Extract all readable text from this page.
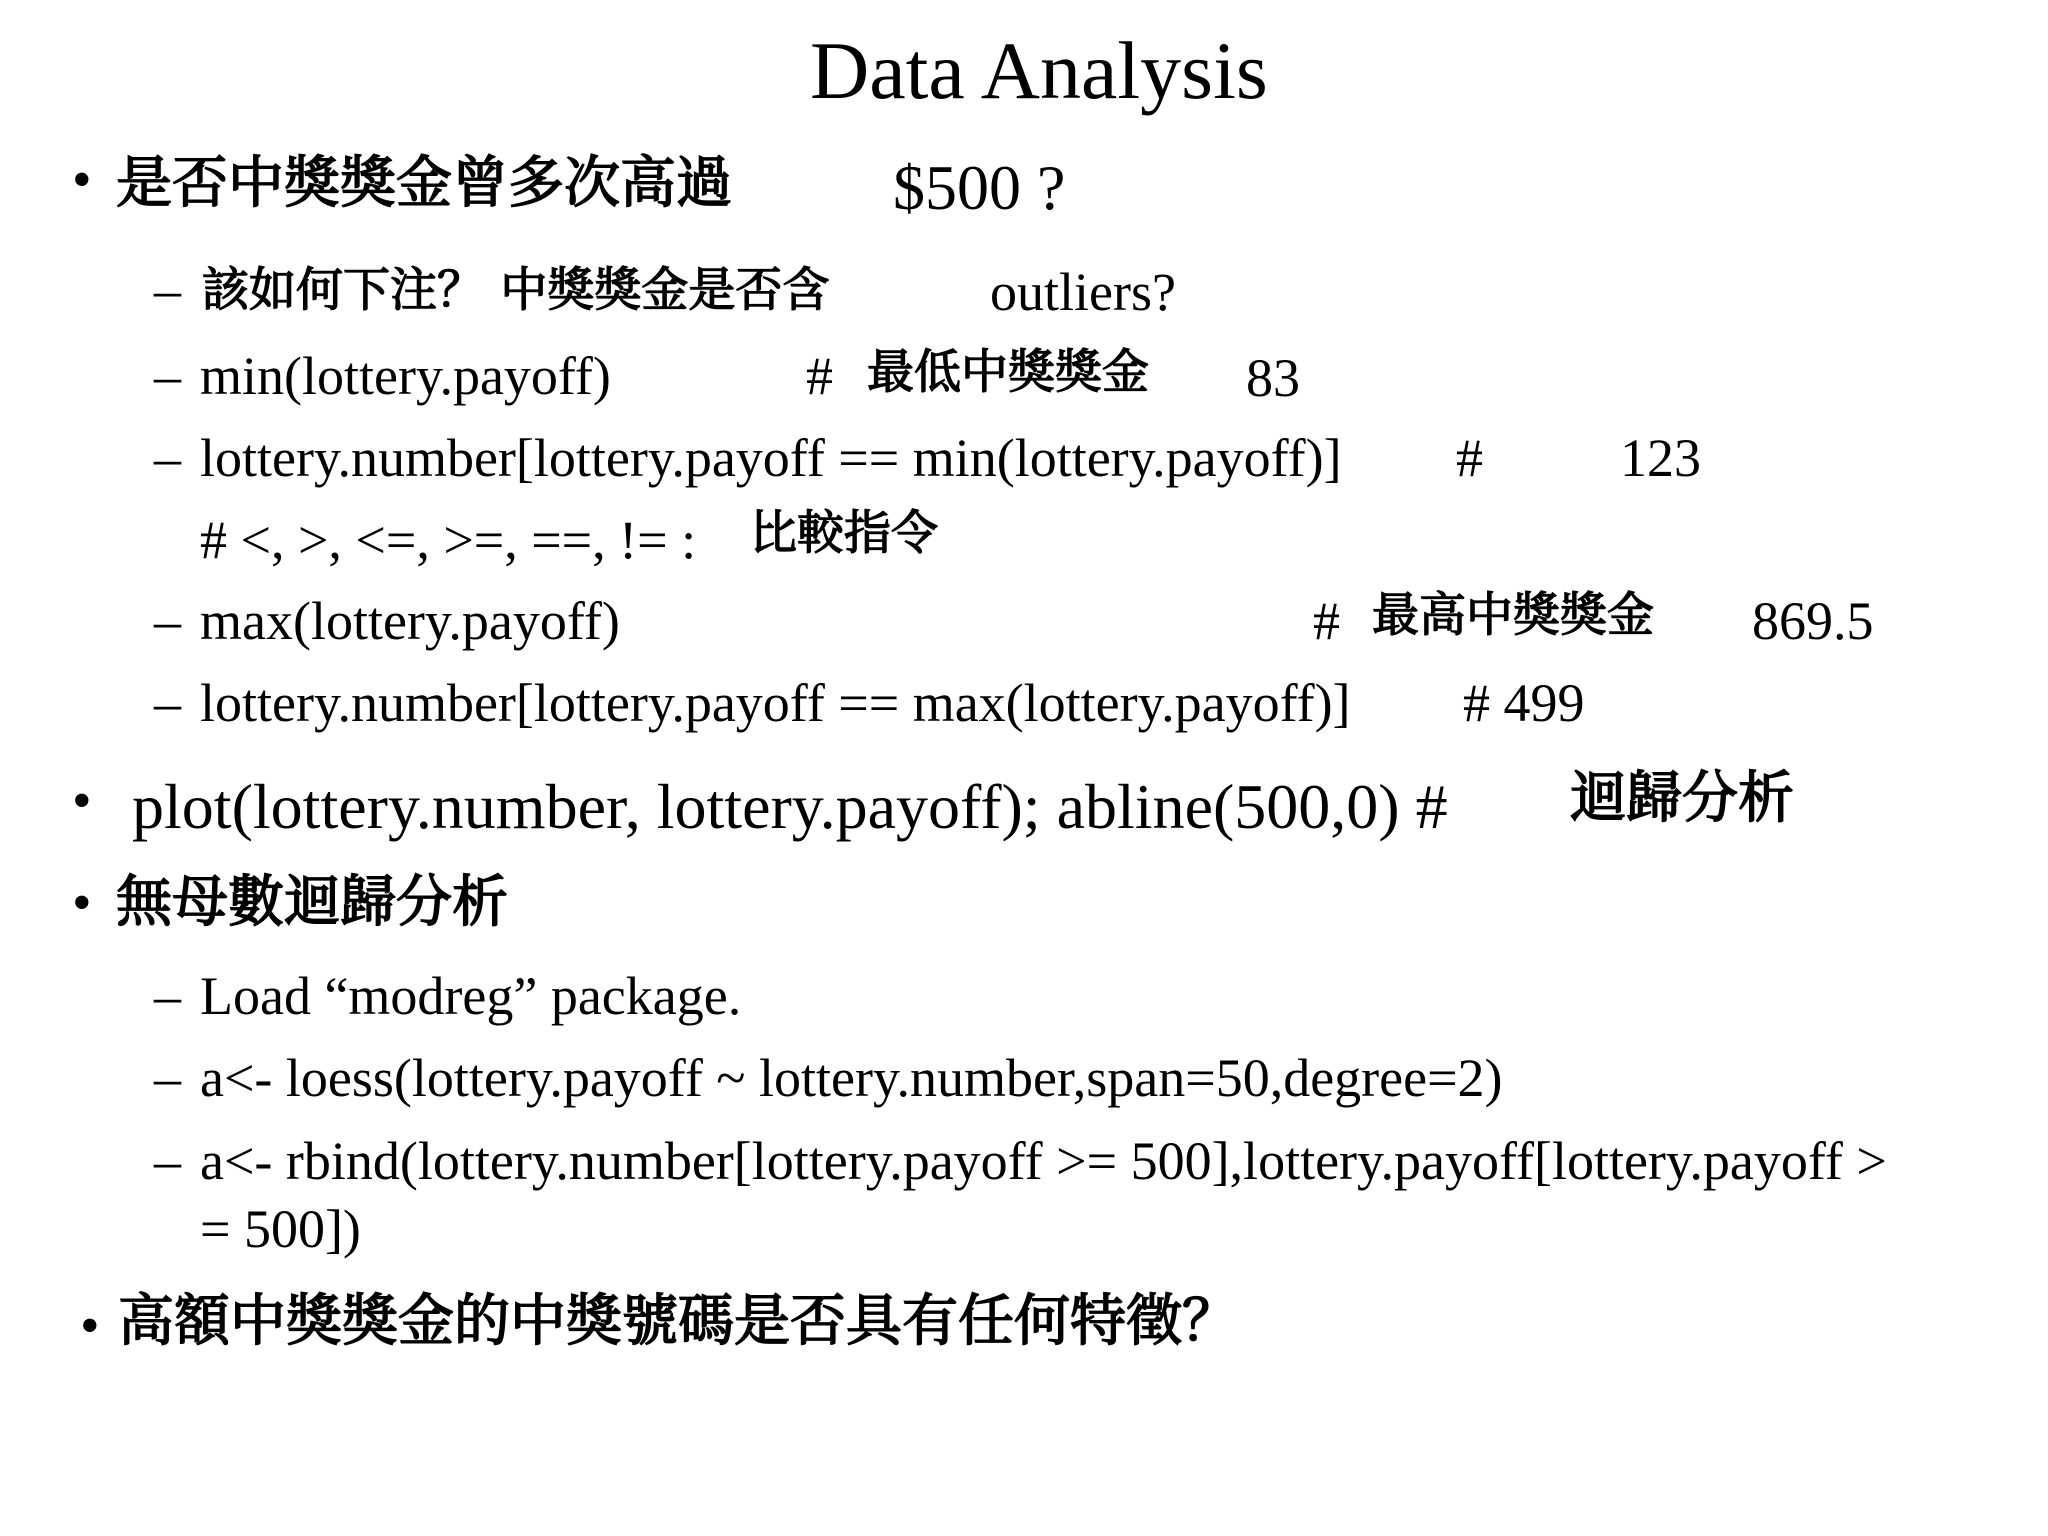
Data Analysis
• 是否中獎獎金曾多次高過	$500 ?
– 該如何下注？ 中獎獎金是否含	outliers?
– min(lottery.payoff)	# 最低中獎獎金 83
– lottery.number[lottery.payoff == min(lottery.payoff)] #	123
# <, >, <=, >=, ==, != : 比較指令
– max(lottery.payoff)	# 最高中獎獎金 869.5
– lottery.number[lottery.payoff == max(lottery.payoff)] # 499
• plot(lottery.number, lottery.payoff); abline(500,0) # 迴歸分析
• 無母數迴歸分析
– Load “modreg” package.
– a<- loess(lottery.payoff ~ lottery.number,span=50,degree=2)
– a<- rbind(lottery.number[lottery.payoff >= 500],lottery.payoff[lottery.payoff >
= 500])
• 高額中獎獎金的中獎號碼是否具有任何特徵？
